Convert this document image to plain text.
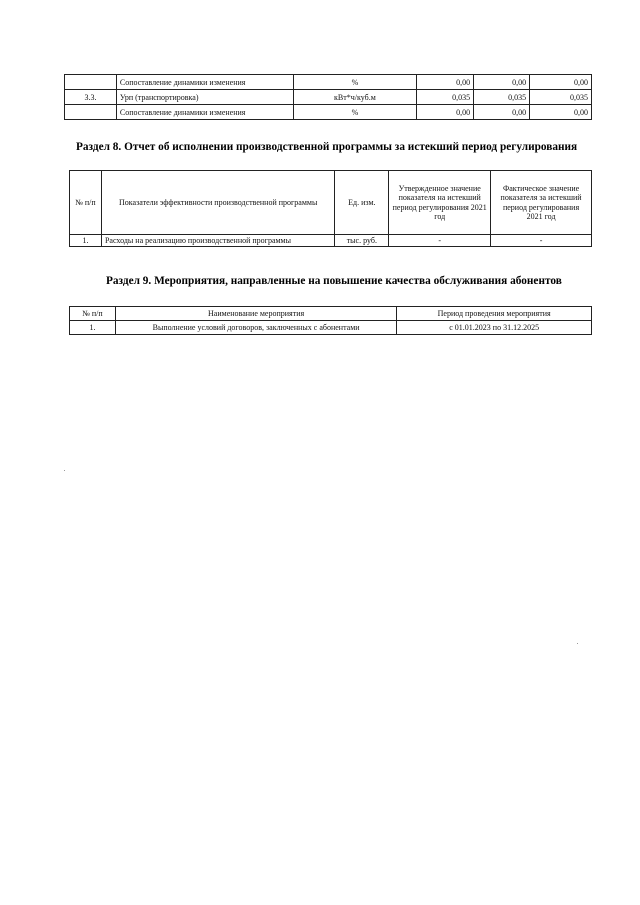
	Сопоставление динамики изменения	%	0,00	0,00	0,00
3.3.	Урп (транспортировка)	кВт*ч/куб.м	0,035	0,035	0,035
	Сопоставление динамики изменения	%	0,00	0,00	0,00

Раздел 8. Отчет об исполнении производственной программы за истекший период регулирования

№ п/п	Показатели эффективности производственной программы	Ед. изм.	Утвержденное значение показателя на истекший период регулирования 2021 год	Фактическое значение показателя за истекший период регулирования 2021 год
1.	Расходы на реализацию производственной программы	тыс. руб.	-	-

Раздел 9. Мероприятия, направленные на повышение качества обслуживания абонентов

№ п/п	Наименование мероприятия	Период проведения мероприятия
1.	Выполнение условий договоров, заключенных с абонентами	с 01.01.2023 по 31.12.2025
